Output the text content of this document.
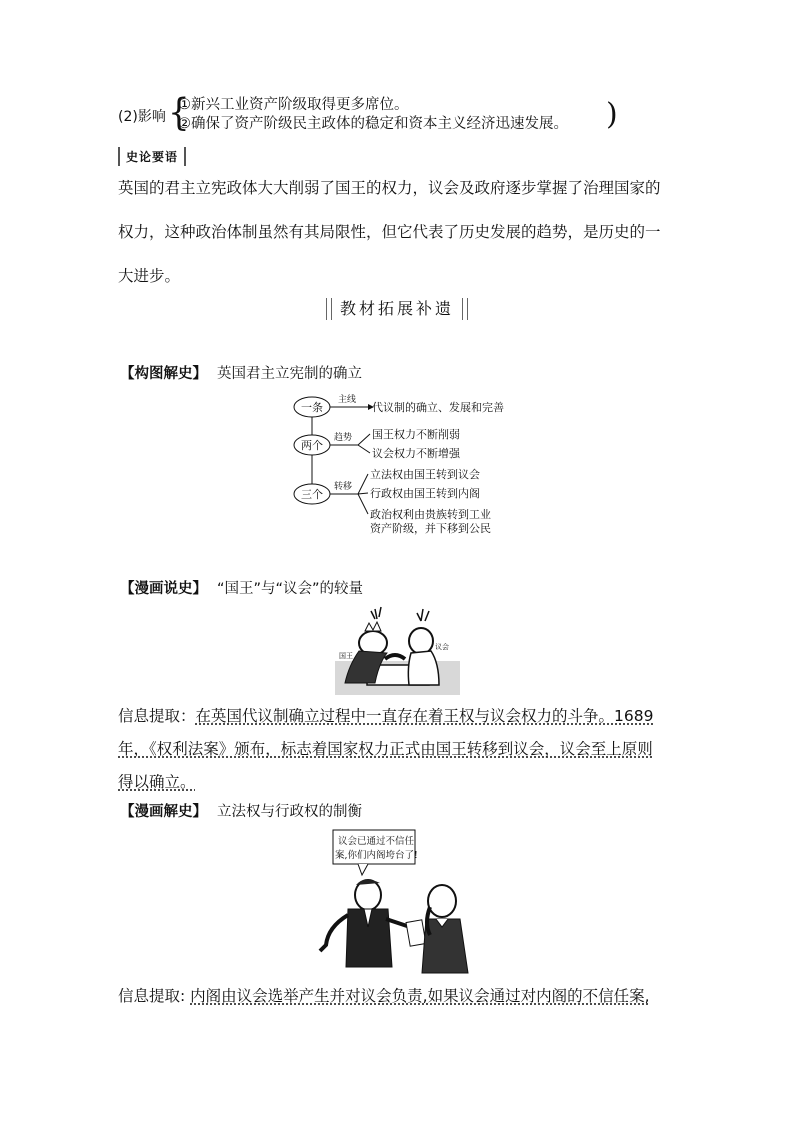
(2)影响 {
①新兴工业资产阶级取得更多席位。
②确保了资产阶级民主政体的稳定和资本主义经济迅速发展。 )
史论要语
英国的君主立宪政体大大削弱了国王的权力，议会及政府逐步掌握了治理国家的
权力，这种政治体制虽然有其局限性，但它代表了历史发展的趋势，是历史的一
大进步。
教材拓展补遗
【构图解史】 英国君主立宪制的确立
一条
两个
三个
主线
代议制的确立、发展和完善
趋势 国王权力不断削弱
议会权力不断增强
转移
立法权由国王转到议会
行政权由国王转到内阁
政治权利由贵族转到工业
资产阶级，并下移到公民
【漫画说史】 “国王”与“议会”的较量
国王
议会
信息提取：在英国代议制确立过程中一直存在着王权与议会权力的斗争。1689
年，《权利法案》颁布，标志着国家权力正式由国王转移到议会，议会至上原则
得以确立。
【漫画解史】 立法权与行政权的制衡
议会已通过不信任
案,你们内阁垮台了!
信息提取: 内阁由议会选举产生并对议会负责,如果议会通过对内阁的不信任案,
